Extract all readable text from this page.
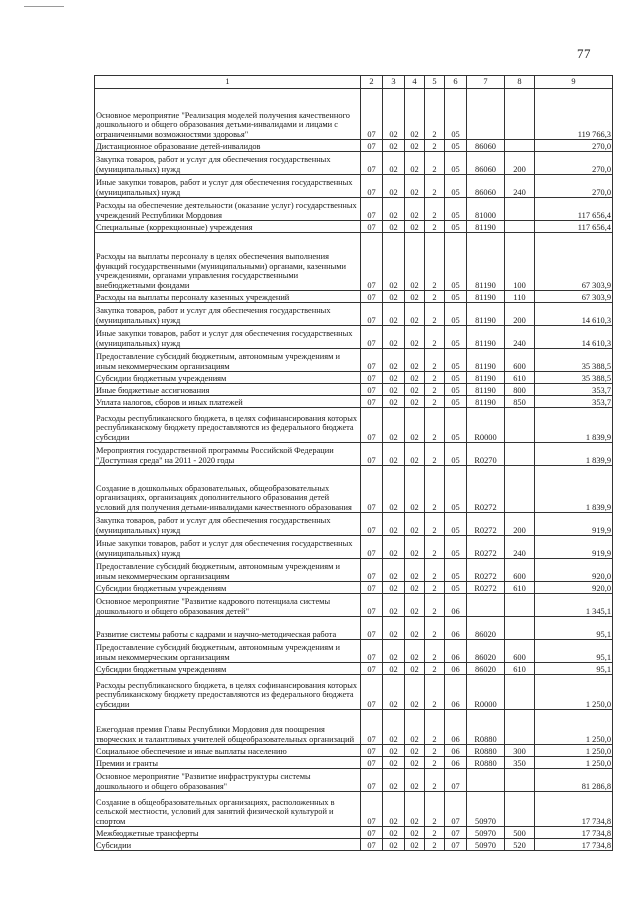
77
1	2	3	4	5	6	7	8	9
Основное мероприятие "Реализация моделей получения качественного дошкольного и общего образования детьми-инвалидами и лицами с ограниченными возможностями здоровья"	07	02	02	2	05			119 766,3
Дистанционное образование детей-инвалидов	07	02	02	2	05	86060		270,0
Закупка товаров, работ и услуг для обеспечения государственных (муниципальных) нужд	07	02	02	2	05	86060	200	270,0
Иные закупки товаров, работ и услуг для обеспечения государственных (муниципальных) нужд	07	02	02	2	05	86060	240	270,0
Расходы на обеспечение деятельности (оказание услуг) государственных учреждений Республики Мордовия	07	02	02	2	05	81000		117 656,4
Специальные (коррекционные) учреждения	07	02	02	2	05	81190		117 656,4
Расходы на выплаты персоналу в целях обеспечения выполнения функций государственными (муниципальными) органами, казенными учреждениями, органами управления государственными внебюджетными фондами	07	02	02	2	05	81190	100	67 303,9
Расходы на выплаты персоналу казенных учреждений	07	02	02	2	05	81190	110	67 303,9
Закупка товаров, работ и услуг для обеспечения государственных (муниципальных) нужд	07	02	02	2	05	81190	200	14 610,3
Иные закупки товаров, работ и услуг для обеспечения государственных (муниципальных) нужд	07	02	02	2	05	81190	240	14 610,3
Предоставление субсидий бюджетным, автономным учреждениям и иным некоммерческим организациям	07	02	02	2	05	81190	600	35 388,5
Субсидии бюджетным учреждениям	07	02	02	2	05	81190	610	35 388,5
Иные бюджетные ассигнования	07	02	02	2	05	81190	800	353,7
Уплата налогов, сборов и иных платежей	07	02	02	2	05	81190	850	353,7
Расходы республиканского бюджета, в целях софинансирования которых республиканскому бюджету предоставляются из федерального бюджета субсидии	07	02	02	2	05	R0000		1 839,9
Мероприятия государственной программы Российской Федерации "Доступная среда" на 2011 - 2020 годы	07	02	02	2	05	R0270		1 839,9
Создание в дошкольных образовательных, общеобразовательных организациях, организациях дополнительного образования детей условий для получения детьми-инвалидами качественного образования	07	02	02	2	05	R0272		1 839,9
Закупка товаров, работ и услуг для обеспечения государственных (муниципальных) нужд	07	02	02	2	05	R0272	200	919,9
Иные закупки товаров, работ и услуг для обеспечения государственных (муниципальных) нужд	07	02	02	2	05	R0272	240	919,9
Предоставление субсидий бюджетным, автономным учреждениям и иным некоммерческим организациям	07	02	02	2	05	R0272	600	920,0
Субсидии бюджетным учреждениям	07	02	02	2	05	R0272	610	920,0
Основное мероприятие "Развитие кадрового потенциала системы дошкольного и общего образования детей"	07	02	02	2	06			1 345,1
Развитие системы работы с кадрами и научно-методическая работа	07	02	02	2	06	86020		95,1
Предоставление субсидий бюджетным, автономным учреждениям и иным некоммерческим организациям	07	02	02	2	06	86020	600	95,1
Субсидии бюджетным учреждениям	07	02	02	2	06	86020	610	95,1
Расходы республиканского бюджета, в целях софинансирования которых республиканскому бюджету предоставляются из федерального бюджета субсидии	07	02	02	2	06	R0000		1 250,0
Ежегодная премия Главы Республики Мордовия для поощрения творческих и талантливых учителей общеобразовательных организаций	07	02	02	2	06	R0880		1 250,0
Социальное обеспечение и иные выплаты населению	07	02	02	2	06	R0880	300	1 250,0
Премии и гранты	07	02	02	2	06	R0880	350	1 250,0
Основное мероприятие "Развитие инфраструктуры системы дошкольного и общего образования"	07	02	02	2	07			81 286,8
Создание в общеобразовательных организациях, расположенных в сельской местности, условий для занятий физической культурой и спортом	07	02	02	2	07	50970		17 734,8
Межбюджетные трансферты	07	02	02	2	07	50970	500	17 734,8
Субсидии	07	02	02	2	07	50970	520	17 734,8
